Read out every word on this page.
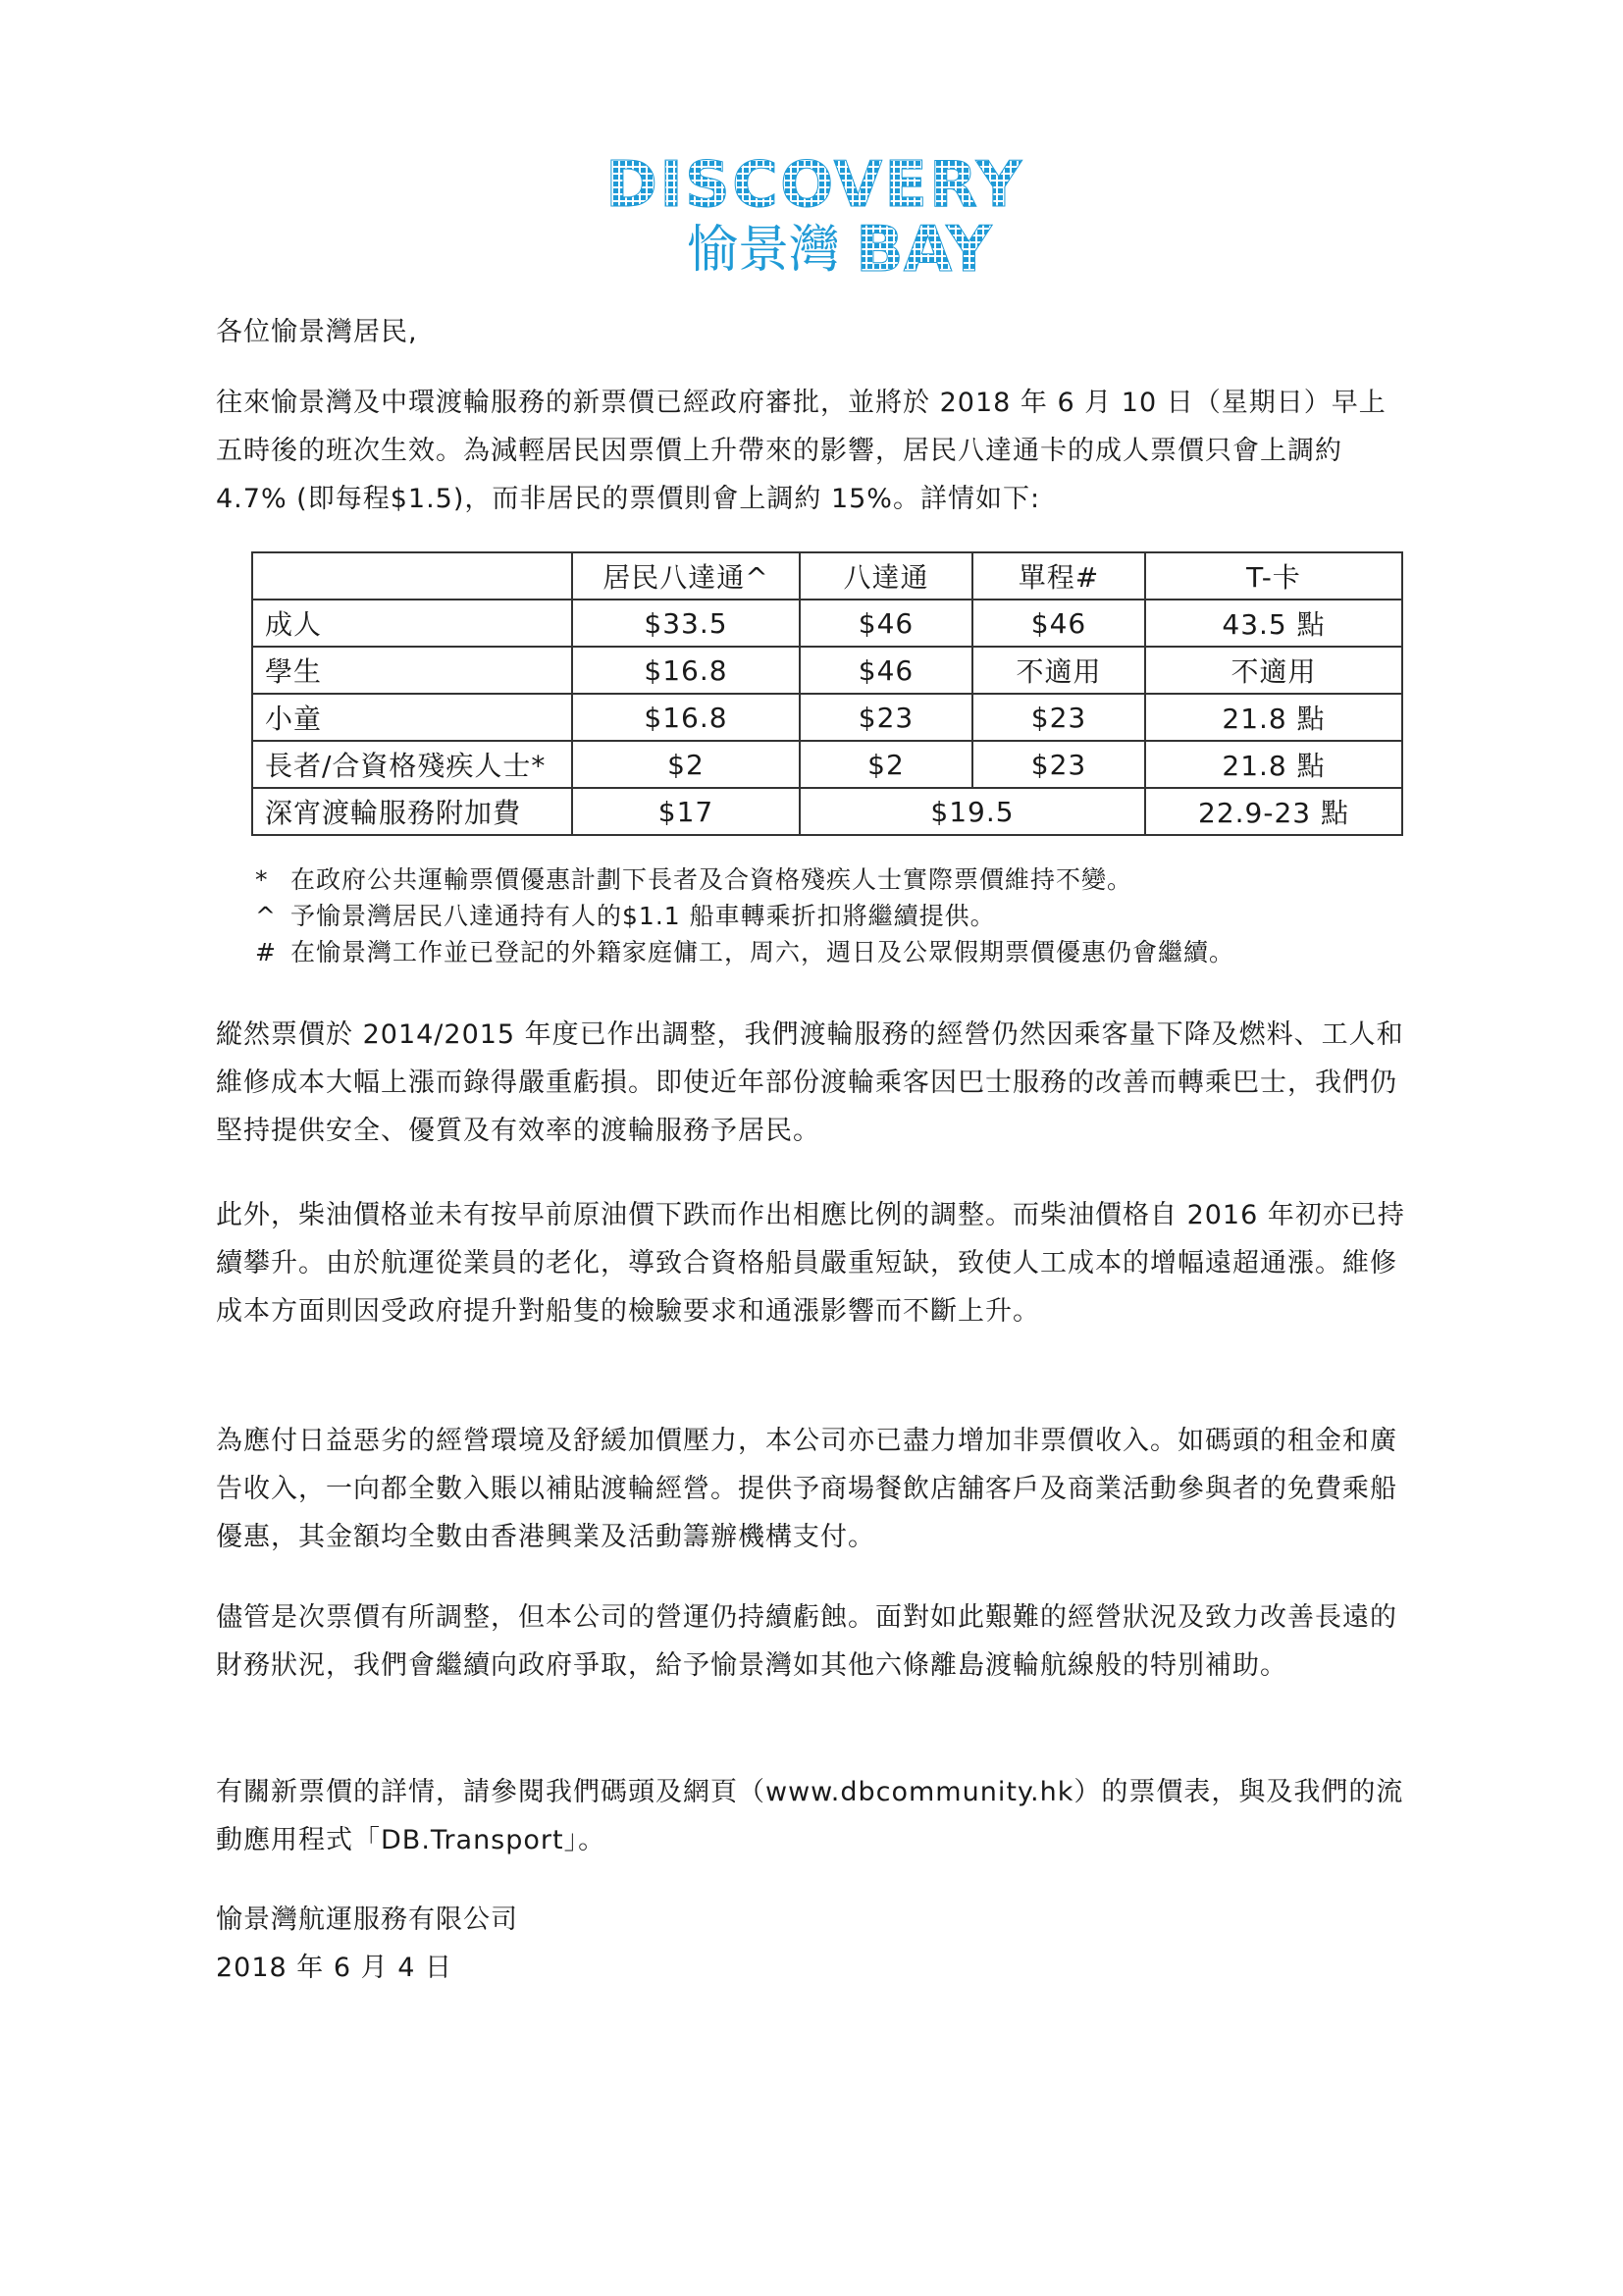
DISCOVERY
愉景灣 BAY
各位愉景灣居民,

往來愉景灣及中環渡輪服務的新票價已經政府審批，並將於 2018 年 6 月 10 日（星期日）早上五時後的班次生效。為減輕居民因票價上升帶來的影響，居民八達通卡的成人票價只會上調約 4.7% (即每程$1.5)，而非居民的票價則會上調約 15%。詳情如下:

	居民八達通^	八達通	單程#	T-卡
成人	$33.5	$46	$46	43.5 點
學生	$16.8	$46	不適用	不適用
小童	$16.8	$23	$23	21.8 點
長者/合資格殘疾人士*	$2	$2	$23	21.8 點
深宵渡輪服務附加費	$17	$19.5		22.9-23 點
* 在政府公共運輸票價優惠計劃下長者及合資格殘疾人士實際票價維持不變。
^ 予愉景灣居民八達通持有人的$1.1 船車轉乘折扣將繼續提供。
# 在愉景灣工作並已登記的外籍家庭傭工，周六，週日及公眾假期票價優惠仍會繼續。

縱然票價於 2014/2015 年度已作出調整，我們渡輪服務的經營仍然因乘客量下降及燃料、工人和維修成本大幅上漲而錄得嚴重虧損。即使近年部份渡輪乘客因巴士服務的改善而轉乘巴士，我們仍堅持提供安全、優質及有效率的渡輪服務予居民。

此外，柴油價格並未有按早前原油價下跌而作出相應比例的調整。而柴油價格自 2016 年初亦已持續攀升。由於航運從業員的老化，導致合資格船員嚴重短缺，致使人工成本的增幅遠超通漲。維修成本方面則因受政府提升對船隻的檢驗要求和通漲影響而不斷上升。

為應付日益惡劣的經營環境及舒緩加價壓力，本公司亦已盡力增加非票價收入。如碼頭的租金和廣告收入，一向都全數入賬以補貼渡輪經營。提供予商場餐飲店舖客戶及商業活動參與者的免費乘船優惠，其金額均全數由香港興業及活動籌辦機構支付。

儘管是次票價有所調整，但本公司的營運仍持續虧蝕。面對如此艱難的經營狀況及致力改善長遠的財務狀況，我們會繼續向政府爭取，給予愉景灣如其他六條離島渡輪航線般的特別補助。

有關新票價的詳情，請參閱我們碼頭及網頁（www.dbcommunity.hk）的票價表，與及我們的流動應用程式「DB.Transport」。

愉景灣航運服務有限公司
2018 年 6 月 4 日
